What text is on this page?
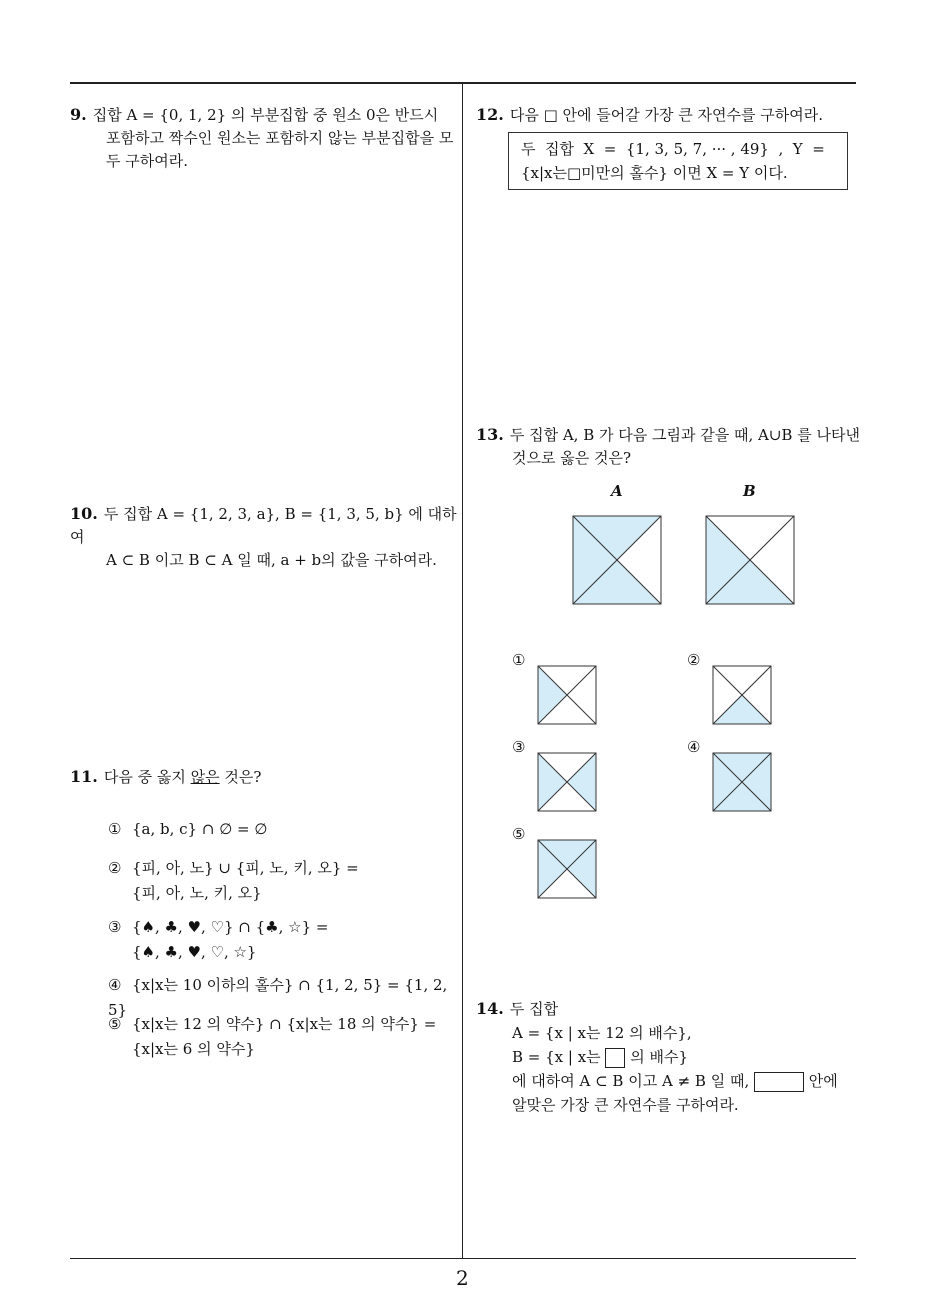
2
9. 집합 A = {0, 1, 2} 의 부분집합 중 원소 0은 반드시
포함하고 짝수인 원소는 포함하지 않는 부분집합을 모
두 구하여라.
10. 두 집합 A = {1, 2, 3, a}, B = {1, 3, 5, b} 에 대하여
A ⊂ B 이고 B ⊂ A 일 때, a + b의 값을 구하여라.
11. 다음 중 옳지 않은 것은?
① {a, b, c} ∩ ∅ = ∅
② {피, 아, 노} ∪ {피, 노, 키, 오} =
{피, 아, 노, 키, 오}
③ {♠, ♣, ♥, ♡} ∩ {♣, ☆} =
{♠, ♣, ♥, ♡, ☆}
④ {x|x는 10 이하의 홀수} ∩ {1, 2, 5} = {1, 2, 5}
⑤ {x|x는 12 의 약수} ∩ {x|x는 18 의 약수} =
{x|x는 6 의 약수}
12. 다음 □ 안에 들어갈 가장 큰 자연수를 구하여라.
두  집합  X  =  {1, 3, 5, 7, ··· , 49}  ,  Y  =
{x|x는□미만의 홀수} 이면 X = Y 이다.
13. 두 집합 A, B 가 다음 그림과 같을 때, A∪B 를 나타낸
것으로 옳은 것은?
A	B
①	②
③	④
⑤
14. 두 집합
A = {x | x는 12 의 배수},
B = {x | x는  의 배수}
에 대하여 A ⊂ B 이고 A ≠ B 일 때,	안에
알맞은 가장 큰 자연수를 구하여라.
